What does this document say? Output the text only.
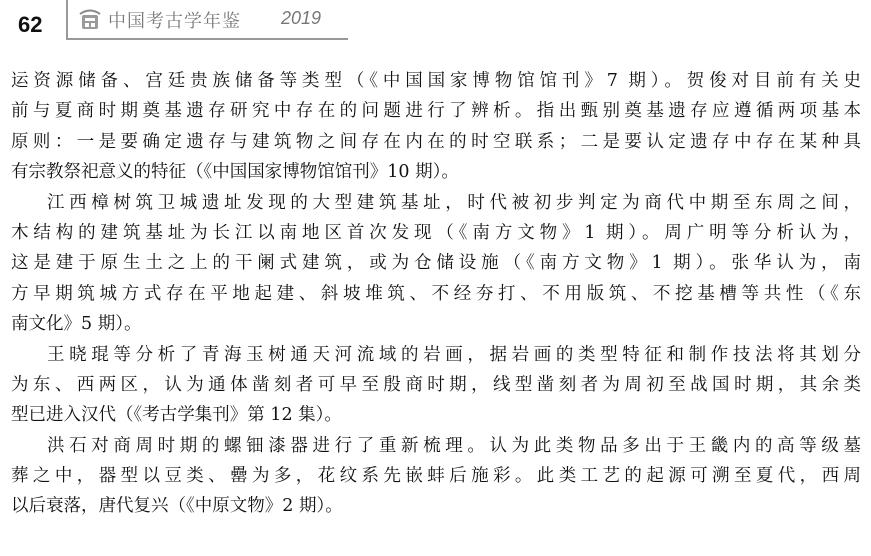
62	中国考古学年鉴 2019
运资源储备、宫廷贵族储备等类型（《中国国家博物馆馆刊》7 期）。贺俊对目前有关史
前与夏商时期奠基遗存研究中存在的问题进行了辨析。指出甄别奠基遗存应遵循两项基本
原则：一是要确定遗存与建筑物之间存在内在的时空联系；二是要认定遗存中存在某种具
有宗教祭祀意义的特征（《中国国家博物馆馆刊》10 期）。
江西樟树筑卫城遗址发现的大型建筑基址，时代被初步判定为商代中期至东周之间，
木结构的建筑基址为长江以南地区首次发现（《南方文物》1 期）。周广明等分析认为，
这是建于原生土之上的干阑式建筑，或为仓储设施（《南方文物》1 期）。张华认为，南
方早期筑城方式存在平地起建、斜坡堆筑、不经夯打、不用版筑、不挖基槽等共性（《东
南文化》5 期）。
王晓琨等分析了青海玉树通天河流域的岩画，据岩画的类型特征和制作技法将其划分
为东、西两区，认为通体凿刻者可早至殷商时期，线型凿刻者为周初至战国时期，其余类
型已进入汉代（《考古学集刊》第 12 集）。
洪石对商周时期的螺钿漆器进行了重新梳理。认为此类物品多出于王畿内的高等级墓
葬之中，器型以豆类、罍为多，花纹系先嵌蚌后施彩。此类工艺的起源可溯至夏代，西周
以后衰落，唐代复兴（《中原文物》2 期）。
